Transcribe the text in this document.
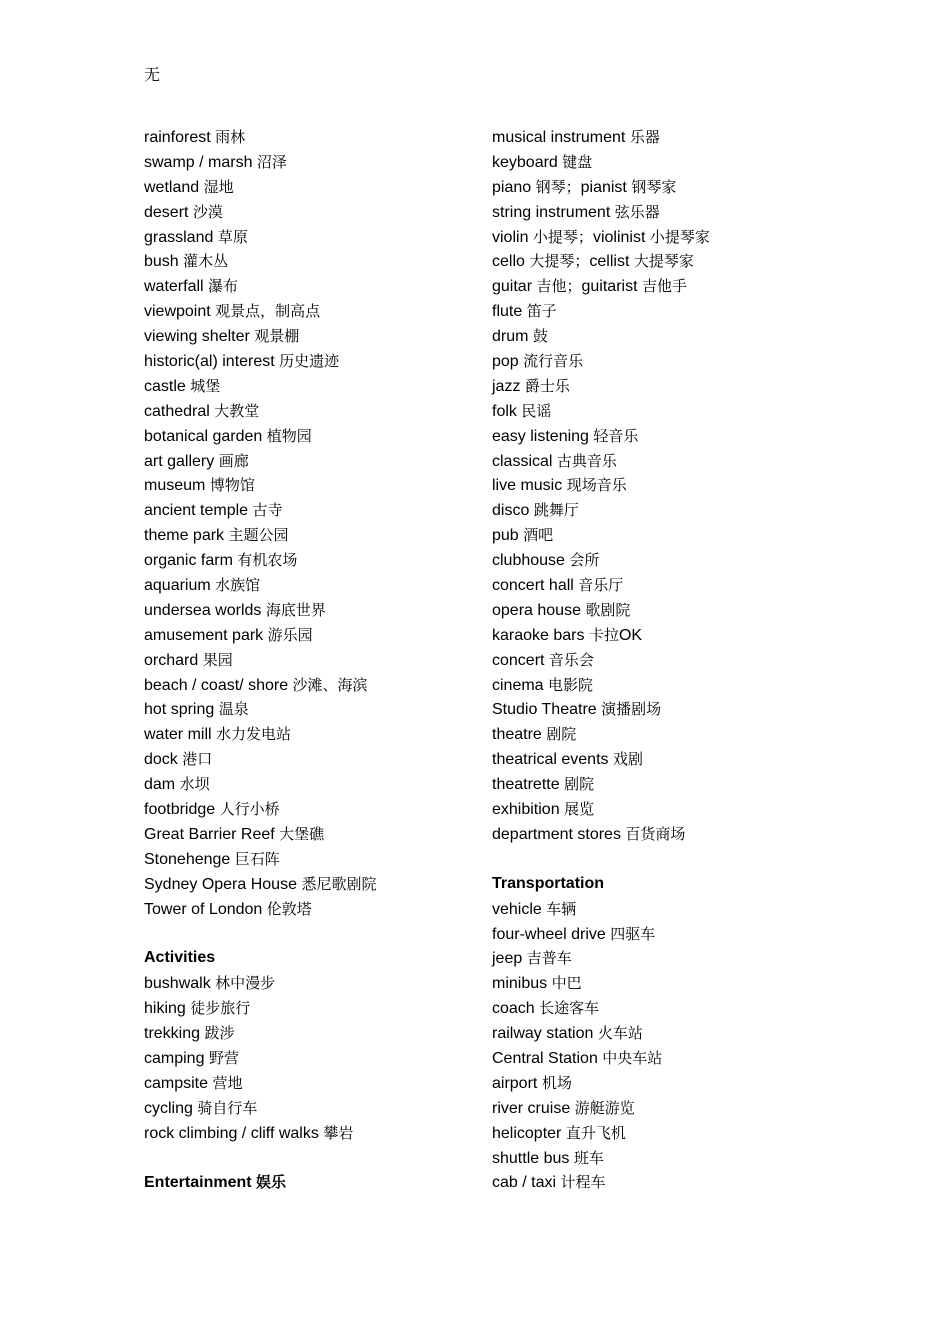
无
rainforest 雨林
swamp / marsh 沼泽
wetland 湿地
desert 沙漠
grassland 草原
bush 灌木丛
waterfall 瀑布
viewpoint 观景点，制高点
viewing shelter 观景棚
historic(al) interest 历史遗迹
castle 城堡
cathedral 大教堂
botanical garden 植物园
art gallery 画廊
museum 博物馆
ancient temple 古寺
theme park 主题公园
organic farm 有机农场
aquarium 水族馆
undersea worlds 海底世界
amusement park 游乐园
orchard 果园
beach / coast/ shore 沙滩、海滨
hot spring 温泉
water mill 水力发电站
dock 港口
dam 水坝
footbridge 人行小桥
Great Barrier Reef 大堡礁
Stonehenge 巨石阵
Sydney Opera House 悉尼歌剧院
Tower of London 伦敦塔
Activities
bushwalk 林中漫步
hiking 徒步旅行
trekking 跋涉
camping 野营
campsite 营地
cycling 骑自行车
rock climbing / cliff walks 攀岩
Entertainment 娱乐
musical instrument 乐器
keyboard 键盘
piano 钢琴；pianist 钢琴家
string instrument 弦乐器
violin 小提琴；violinist 小提琴家
cello 大提琴；cellist 大提琴家
guitar 吉他；guitarist 吉他手
flute 笛子
drum 鼓
pop 流行音乐
jazz 爵士乐
folk 民谣
easy listening 轻音乐
classical 古典音乐
live music 现场音乐
disco 跳舞厅
pub 酒吧
clubhouse 会所
concert hall 音乐厅
opera house 歌剧院
karaoke bars 卡拉OK
concert 音乐会
cinema 电影院
Studio Theatre 演播剧场
theatre 剧院
theatrical events 戏剧
theatrette 剧院
exhibition 展览
department stores 百货商场
Transportation
vehicle 车辆
four-wheel drive 四驱车
jeep 吉普车
minibus 中巴
coach 长途客车
railway station 火车站
Central Station 中央车站
airport 机场
river cruise 游艇游览
helicopter 直升飞机
shuttle bus 班车
cab / taxi 计程车
